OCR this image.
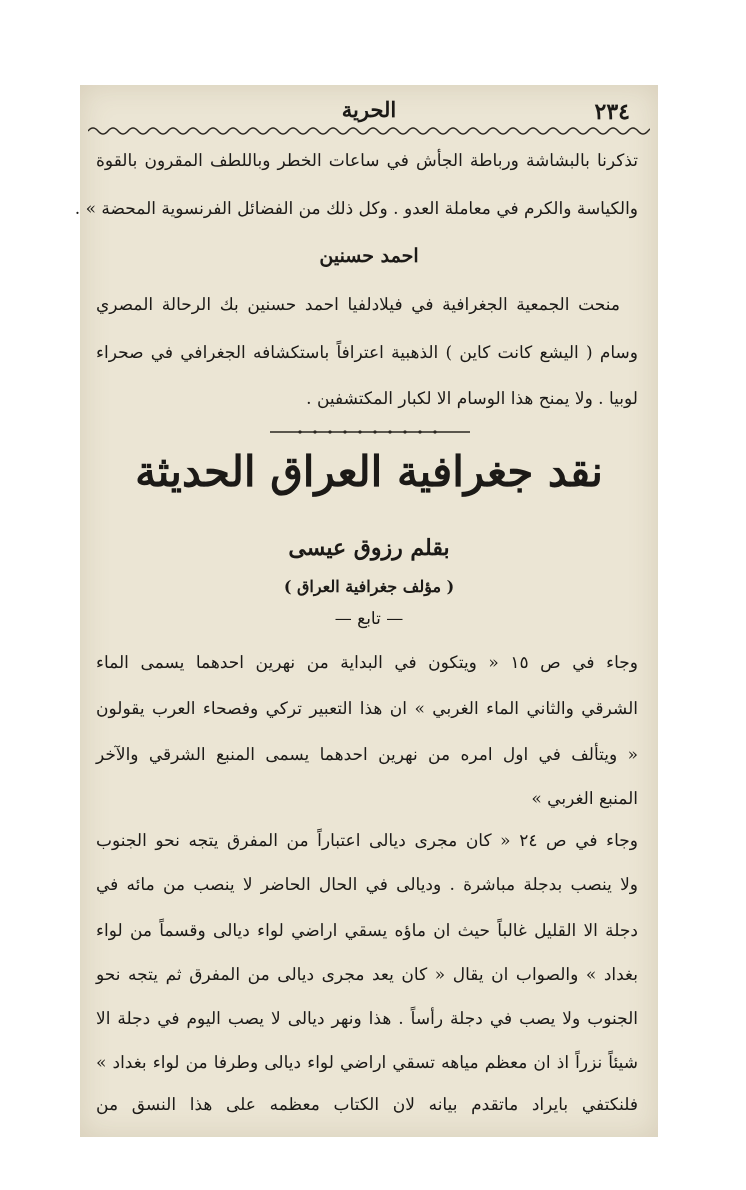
٢٣٤
الحرية
تذكرنا بالبشاشة ورباطة الجأش في ساعات الخطر وباللطف المقرون بالقوة
والكياسة والكرم في معاملة العدو . وكل ذلك من الفضائل الفرنسوية المحضة » .
احمد حسنين
منحت الجمعية الجغرافية في فيلادلفيا احمد حسنين بك الرحالة المصري
وسام ( اليشع كانت كاين ) الذهبية اعترافاً باستكشافه الجغرافي في صحراء
لوبيا . ولا يمنح هذا الوسام الا لكبار المكتشفين .
نقد جغرافية العراق الحديثة
بقلم رزوق عيسى
( مؤلف جغرافية العراق )
— تابع —
وجاء في ص ١٥ « ويتكون في البداية من نهرين احدهما يسمى الماء
الشرقي والثاني الماء الغربي » ان هذا التعبير تركي وفصحاء العرب يقولون
« ويتألف في اول امره من نهرين احدهما يسمى المنبع الشرقي والآخر
المنبع الغربي »
وجاء في ص ٢٤ « كان مجرى ديالى اعتباراً من المفرق يتجه نحو الجنوب
ولا ينصب بدجلة مباشرة . وديالى في الحال الحاضر لا ينصب من مائه في
دجلة الا القليل غالباً حيث ان ماؤه يسقي اراضي لواء ديالى وقسماً من لواء
بغداد » والصواب ان يقال « كان يعد مجرى ديالى من المفرق ثم يتجه نحو
الجنوب ولا يصب في دجلة رأساً . هذا ونهر ديالى لا يصب اليوم في دجلة الا
شيئاً نزراً اذ ان معظم مياهه تسقي اراضي لواء ديالى وطرفا من لواء بغداد »
فلنكتفي بايراد ماتقدم بيانه لان الكتاب معظمه على هذا النسق من
